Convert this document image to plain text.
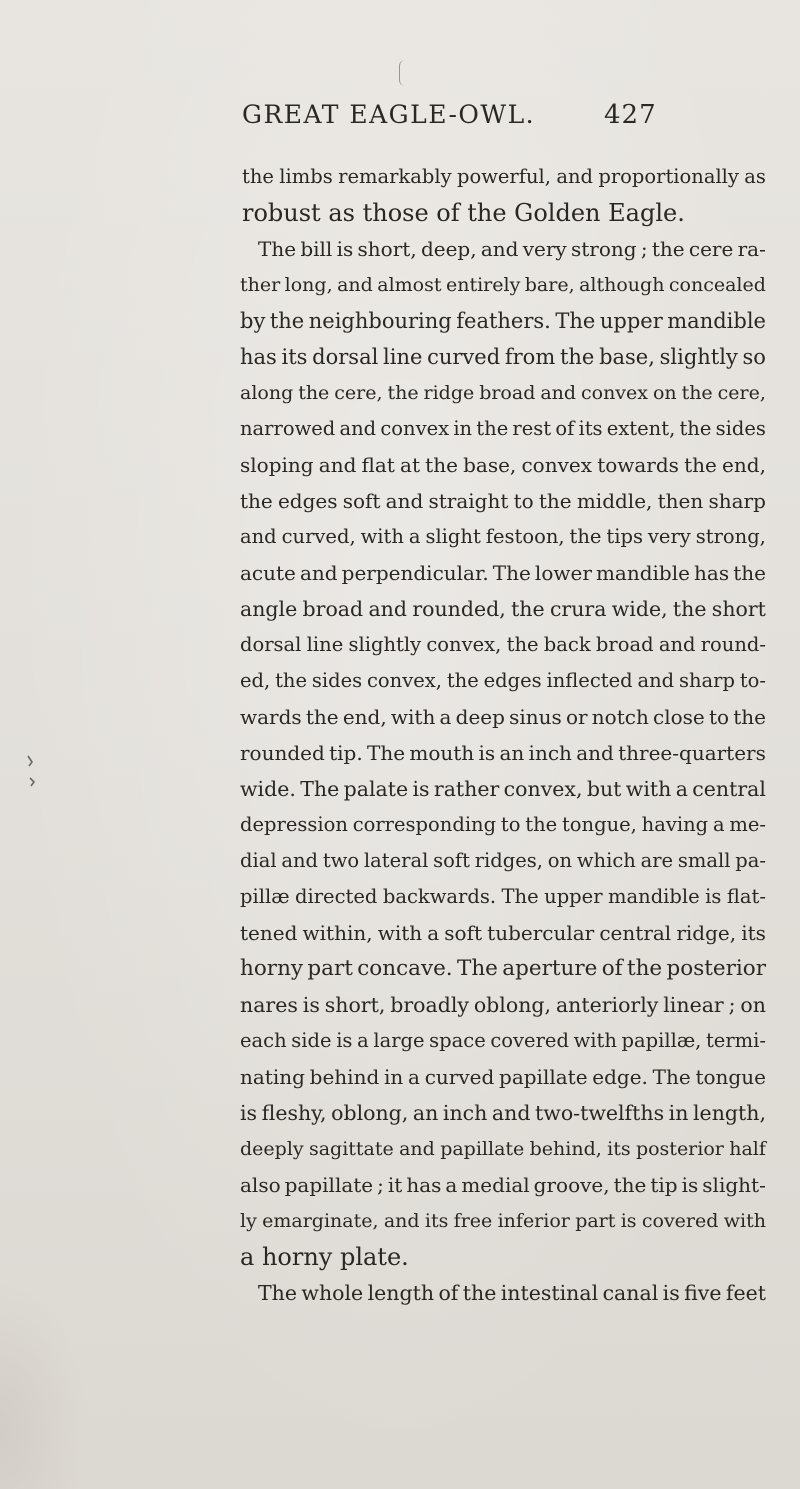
GREAT EAGLE-OWL.	427
the limbs remarkably powerful, and proportionally as
robust as those of the Golden Eagle.
The bill is short, deep, and very strong ; the cere ra-
ther long, and almost entirely bare, although concealed
by the neighbouring feathers. The upper mandible
has its dorsal line curved from the base, slightly so
along the cere, the ridge broad and convex on the cere,
narrowed and convex in the rest of its extent, the sides
sloping and flat at the base, convex towards the end,
the edges soft and straight to the middle, then sharp
and curved, with a slight festoon, the tips very strong,
acute and perpendicular. The lower mandible has the
angle broad and rounded, the crura wide, the short
dorsal line slightly convex, the back broad and round-
ed, the sides convex, the edges inflected and sharp to-
wards the end, with a deep sinus or notch close to the
rounded tip. The mouth is an inch and three-quarters
wide. The palate is rather convex, but with a central
depression corresponding to the tongue, having a me-
dial and two lateral soft ridges, on which are small pa-
pillæ directed backwards. The upper mandible is flat-
tened within, with a soft tubercular central ridge, its
horny part concave. The aperture of the posterior
nares is short, broadly oblong, anteriorly linear ; on
each side is a large space covered with papillæ, termi-
nating behind in a curved papillate edge. The tongue
is fleshy, oblong, an inch and two-twelfths in length,
deeply sagittate and papillate behind, its posterior half
also papillate ; it has a medial groove, the tip is slight-
ly emarginate, and its free inferior part is covered with
a horny plate.
The whole length of the intestinal canal is five feet
